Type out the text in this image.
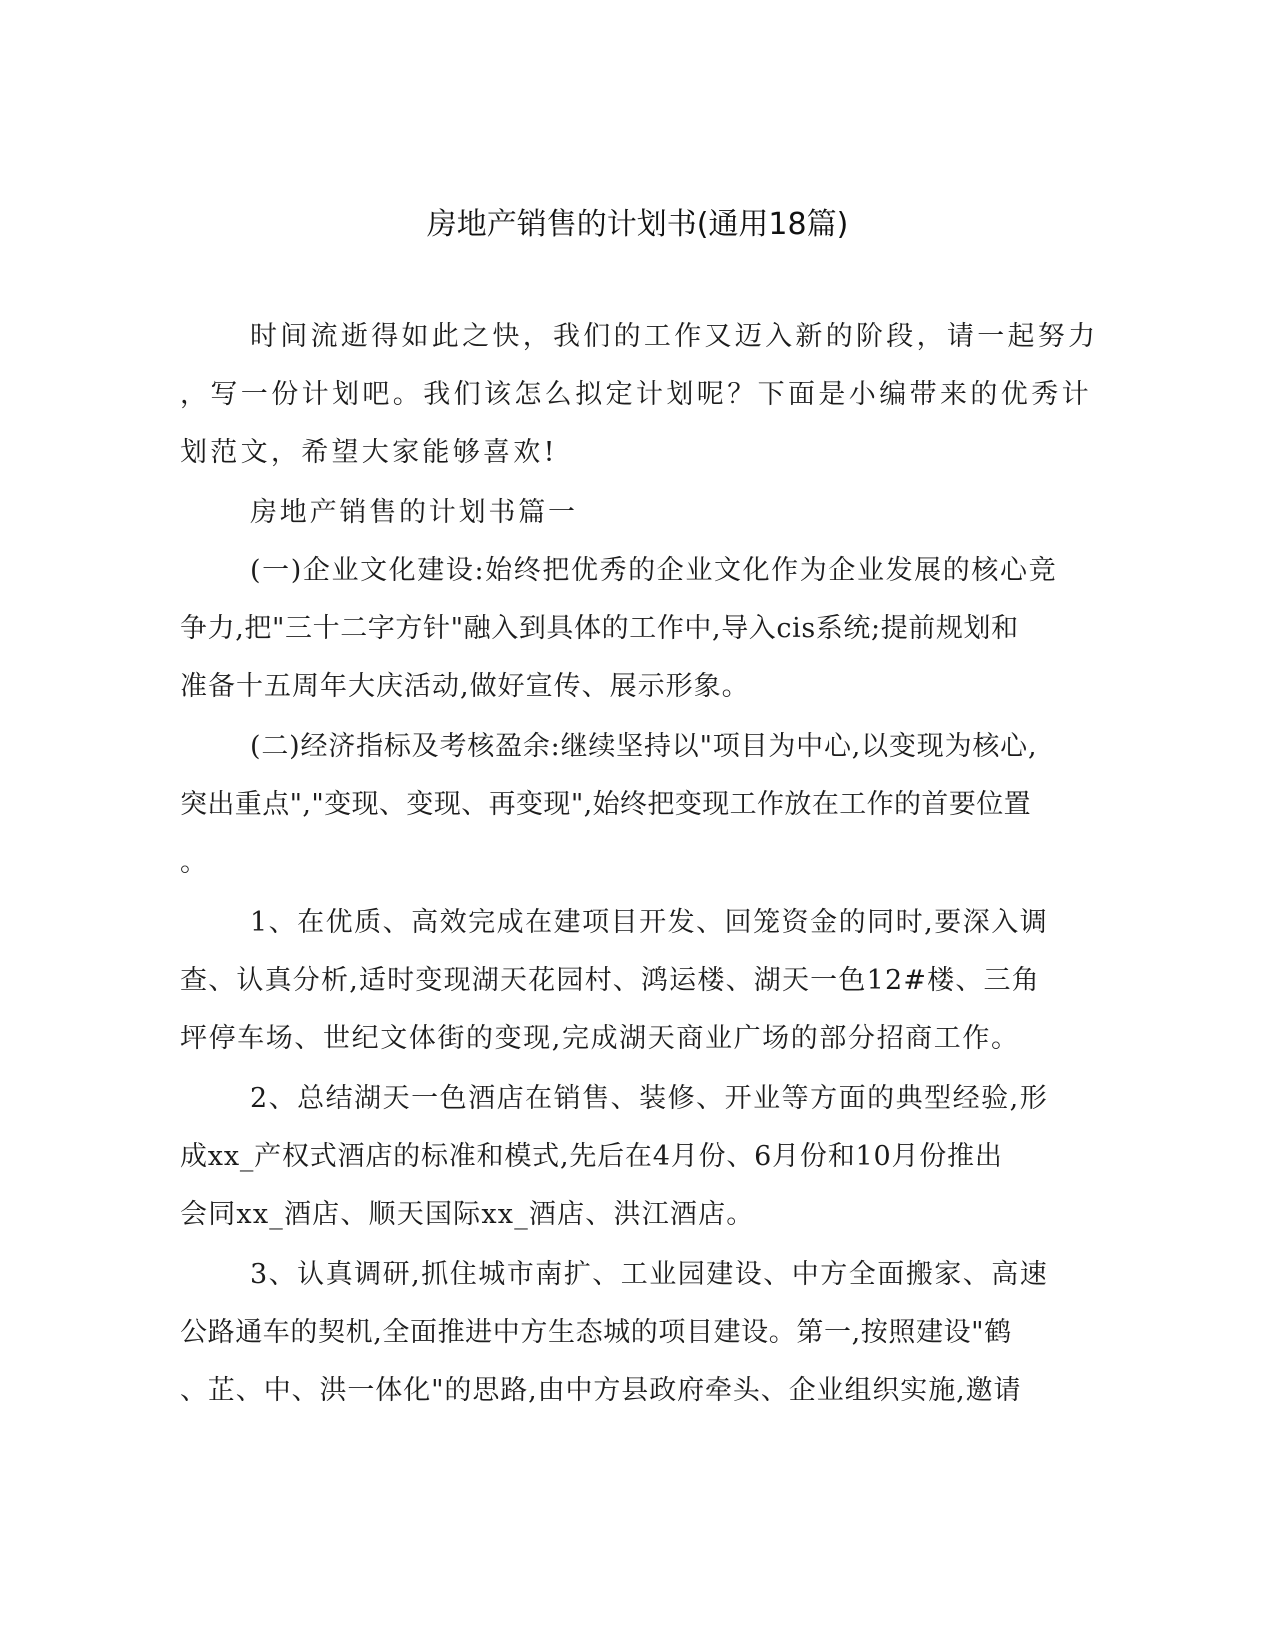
房地产销售的计划书(通用18篇)
时间流逝得如此之快，我们的工作又迈入新的阶段，请一起努力
，写一份计划吧。我们该怎么拟定计划呢？下面是小编带来的优秀计
划范文，希望大家能够喜欢!
房地产销售的计划书篇一
(一)企业文化建设:始终把优秀的企业文化作为企业发展的核心竞
争力,把"三十二字方针"融入到具体的工作中,导入cis系统;提前规划和
准备十五周年大庆活动,做好宣传、展示形象。
(二)经济指标及考核盈余:继续坚持以"项目为中心,以变现为核心,
突出重点","变现、变现、再变现",始终把变现工作放在工作的首要位置
。
1、在优质、高效完成在建项目开发、回笼资金的同时,要深入调
查、认真分析,适时变现湖天花园村、鸿运楼、湖天一色12#楼、三角
坪停车场、世纪文体街的变现,完成湖天商业广场的部分招商工作。
2、总结湖天一色酒店在销售、装修、开业等方面的典型经验,形
成xx_产权式酒店的标准和模式,先后在4月份、6月份和10月份推出
会同xx_酒店、顺天国际xx_酒店、洪江酒店。
3、认真调研,抓住城市南扩、工业园建设、中方全面搬家、高速
公路通车的契机,全面推进中方生态城的项目建设。第一,按照建设"鹤
、芷、中、洪一体化"的思路,由中方县政府牵头、企业组织实施,邀请
